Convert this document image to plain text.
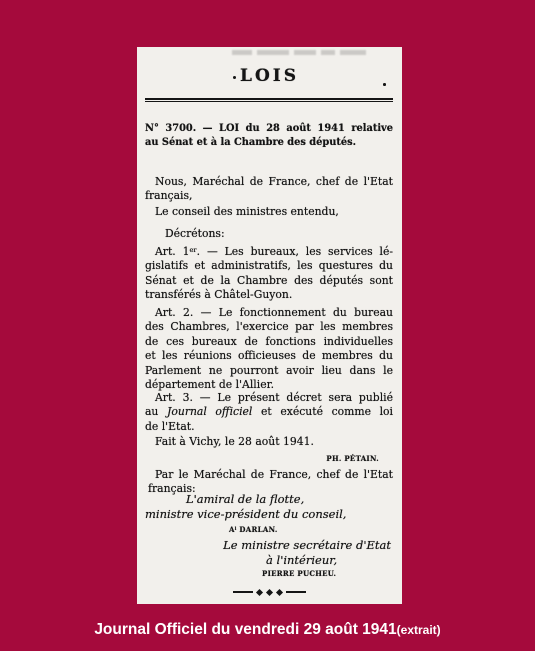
LOIS
N° 3700. — LOI du 28 août 1941 relative
au Sénat et à la Chambre des députés.
Nous, Maréchal de France, chef de l'Etat
français,
Le conseil des ministres entendu,
Décrétons:
Art. 1er. — Les bureaux, les services lé-
gislatifs et administratifs, les questures du
Sénat et de la Chambre des députés sont
transférés à Châtel-Guyon.
Art. 2. — Le fonctionnement du bureau
des Chambres, l'exercice par les membres
de ces bureaux de fonctions individuelles
et les réunions officieuses de membres du
Parlement ne pourront avoir lieu dans le
département de l'Allier.
Art. 3. — Le présent décret sera publié
au Journal officiel et exécuté comme loi
de l'Etat.
Fait à Vichy, le 28 août 1941.
PH. PÉTAIN.
Par le Maréchal de France, chef de l'Etat
français:
L'amiral de la flotte,
ministre vice-président du conseil,
$A^l$ DARLAN.
Le ministre secrétaire d'Etat
à l'intérieur,
PIERRE PUCHEU.
Journal Officiel du vendredi 29 août 1941(extrait)
